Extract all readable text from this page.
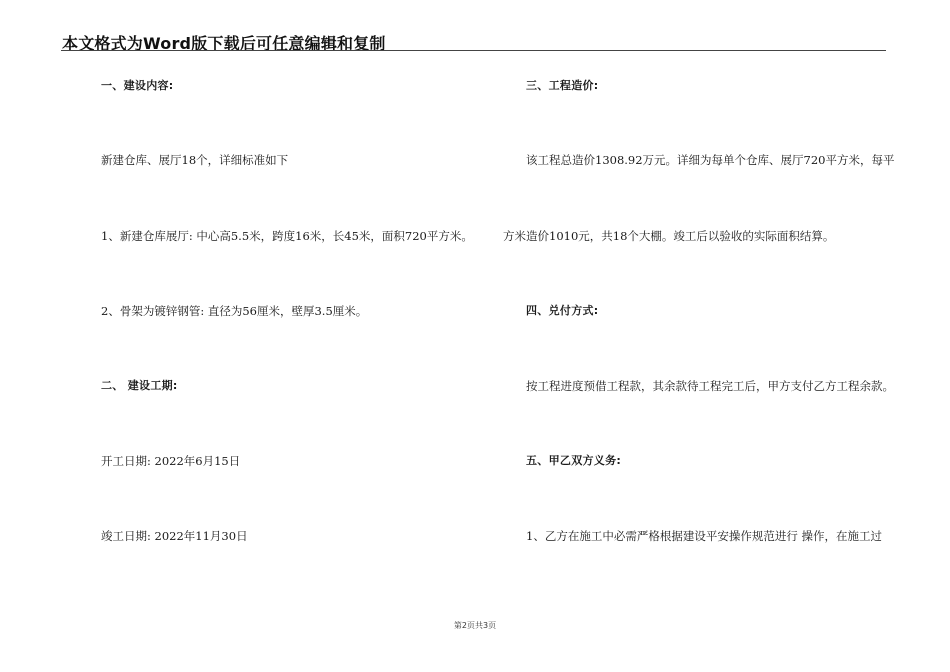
本文格式为Word版下载后可任意编辑和复制
一、建设内容:
新建仓库、展厅18个，详细标准如下
1、新建仓库展厅: 中心高5.5米，跨度16米，长45米，面积720平方米。
2、骨架为镀锌钢管: 直径为56厘米，壁厚3.5厘米。
二、 建设工期:
开工日期: 2022年6月15日
竣工日期: 2022年11月30日
三、工程造价:
该工程总造价1308.92万元。详细为每单个仓库、展厅720平方米，每平
方米造价1010元，共18个大棚。竣工后以验收的实际面积结算。
四、兑付方式:
按工程进度预借工程款，其余款待工程完工后，甲方支付乙方工程余款。
五、甲乙双方义务:
1、乙方在施工中必需严格根据建设平安操作规范进行 操作，在施工过
第2页共3页
